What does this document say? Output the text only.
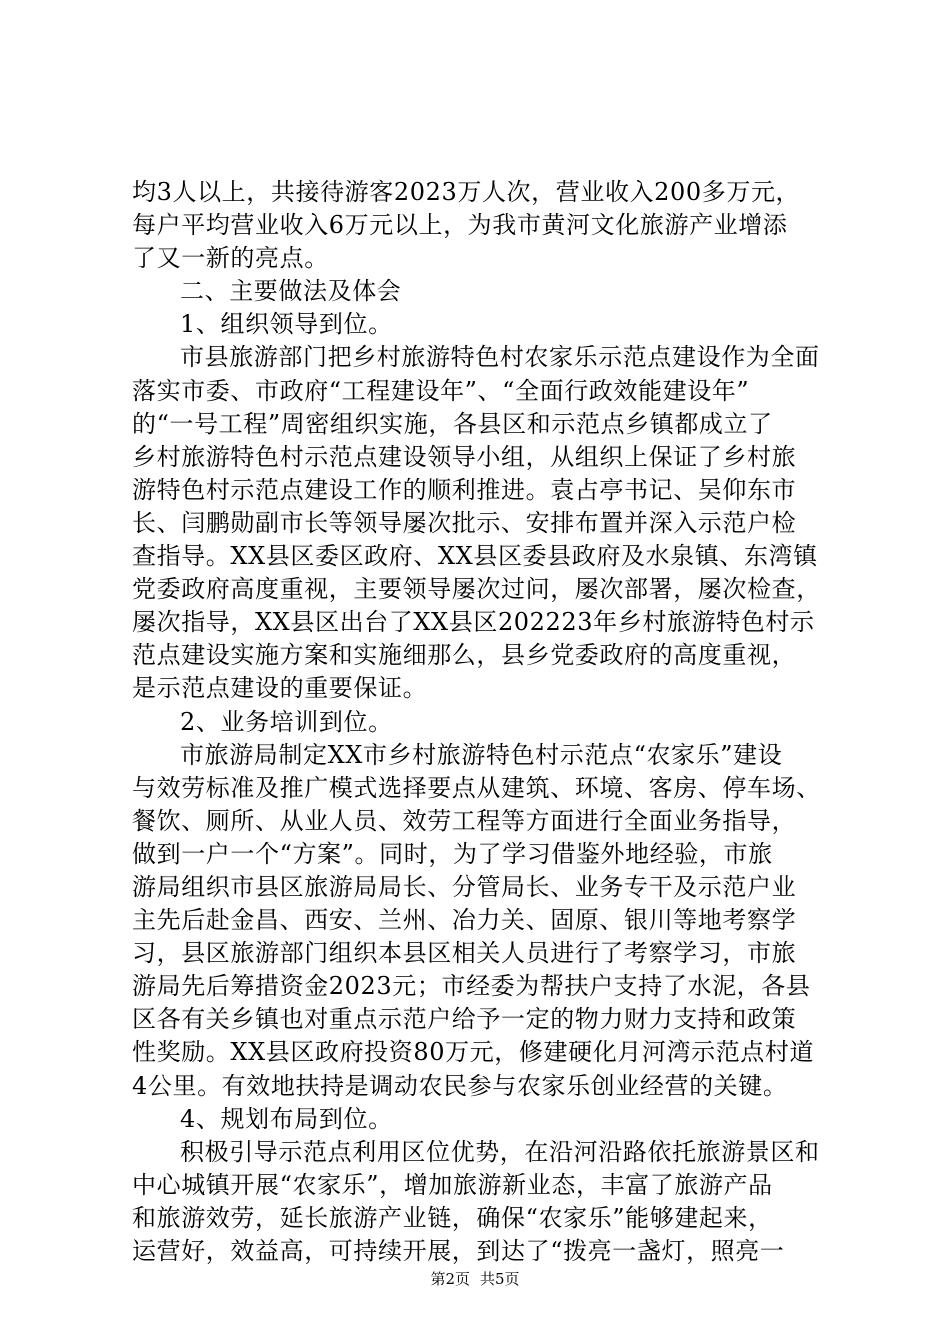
均3人以上，共接待游客2023万人次，营业收入200多万元，
每户平均营业收入6万元以上，为我市黄河文化旅游产业增添
了又一新的亮点。
二、主要做法及体会
1、组织领导到位。
市县旅游部门把乡村旅游特色村农家乐示范点建设作为全面
落实市委、市政府“工程建设年”、“全面行政效能建设年”
的“一号工程”周密组织实施，各县区和示范点乡镇都成立了
乡村旅游特色村示范点建设领导小组，从组织上保证了乡村旅
游特色村示范点建设工作的顺利推进。袁占亭书记、吴仰东市
长、闫鹏勋副市长等领导屡次批示、安排布置并深入示范户检
查指导。XX县区委区政府、XX县区委县政府及水泉镇、东湾镇
党委政府高度重视，主要领导屡次过问，屡次部署，屡次检查，
屡次指导，XX县区出台了XX县区202223年乡村旅游特色村示
范点建设实施方案和实施细那么，县乡党委政府的高度重视，
是示范点建设的重要保证。
2、业务培训到位。
市旅游局制定XX市乡村旅游特色村示范点“农家乐”建设
与效劳标准及推广模式选择要点从建筑、环境、客房、停车场、
餐饮、厕所、从业人员、效劳工程等方面进行全面业务指导，
做到一户一个“方案”。同时，为了学习借鉴外地经验，市旅
游局组织市县区旅游局局长、分管局长、业务专干及示范户业
主先后赴金昌、西安、兰州、冶力关、固原、银川等地考察学
习，县区旅游部门组织本县区相关人员进行了考察学习，市旅
游局先后筹措资金2023元；市经委为帮扶户支持了水泥，各县
区各有关乡镇也对重点示范户给予一定的物力财力支持和政策
性奖励。XX县区政府投资80万元，修建硬化月河湾示范点村道
4公里。有效地扶持是调动农民参与农家乐创业经营的关键。
4、规划布局到位。
积极引导示范点利用区位优势，在沿河沿路依托旅游景区和
中心城镇开展“农家乐”，增加旅游新业态，丰富了旅游产品
和旅游效劳，延长旅游产业链，确保“农家乐”能够建起来，
运营好，效益高，可持续开展，到达了“拨亮一盏灯，照亮一
第2页 共5页
